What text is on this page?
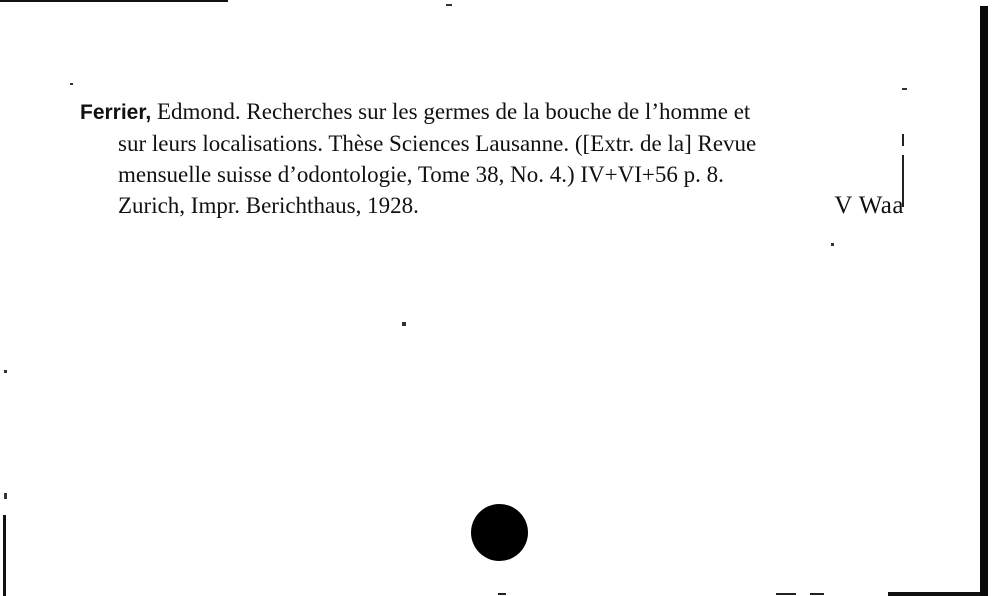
Ferrier, Edmond. Recherches sur les germes de la bouche de l’homme et
sur leurs localisations. Thèse Sciences Lausanne. ([Extr. de la] Revue
mensuelle suisse d’odontologie, Tome 38, No. 4.) IV+VI+56 p. 8.
Zurich, Impr. Berichthaus, 1928.	V Waa
